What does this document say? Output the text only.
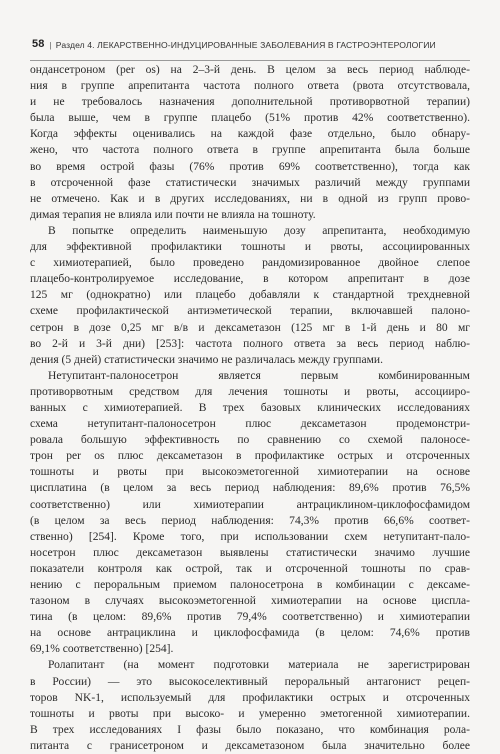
58 | Раздел 4. ЛЕКАРСТВЕННО-ИНДУЦИРОВАННЫЕ ЗАБОЛЕВАНИЯ В ГАСТРОЭНТЕРОЛОГИИ

ондансетроном (per os) на 2–3-й день. В целом за весь период наблюде-
ния в группе апрепитанта частота полного ответа (рвота отсутствовала,
и не требовалось назначения дополнительной противорвотной терапии)
была выше, чем в группе плацебо (51% против 42% соответственно).
Когда эффекты оценивались на каждой фазе отдельно, было обнару-
жено, что частота полного ответа в группе апрепитанта была больше
во время острой фазы (76% против 69% соответственно), тогда как
в отсроченной фазе статистически значимых различий между группами
не отмечено. Как и в других исследованиях, ни в одной из групп прово-
димая терапия не влияла или почти не влияла на тошноту.

В попытке определить наименьшую дозу апрепитанта, необходимую
для эффективной профилактики тошноты и рвоты, ассоциированных
с химиотерапией, было проведено рандомизированное двойное слепое
плацебо-контролируемое исследование, в котором апрепитант в дозе
125 мг (однократно) или плацебо добавляли к стандартной трехдневной
схеме профилактической антиэметической терапии, включавшей палоно-
сетрон в дозе 0,25 мг в/в и дексаметазон (125 мг в 1-й день и 80 мг
во 2-й и 3-й дни) [253]: частота полного ответа за весь период наблю-
дения (5 дней) статистически значимо не различалась между группами.

Нетупитант-палоносетрон является первым комбинированным
противорвотным средством для лечения тошноты и рвоты, ассоцииро-
ванных с химиотерапией. В трех базовых клинических исследованиях
схема нетупитант-палоносетрон плюс дексаметазон продемонстри-
ровала большую эффективность по сравнению со схемой палоносе-
трон per os плюс дексаметазон в профилактике острых и отсроченных
тошноты и рвоты при высокоэметогенной химиотерапии на основе
цисплатина (в целом за весь период наблюдения: 89,6% против 76,5%
соответственно) или химиотерапии антрациклином-циклофосфамидом
(в целом за весь период наблюдения: 74,3% против 66,6% соответ-
ственно) [254]. Кроме того, при использовании схем нетупитант-пало-
носетрон плюс дексаметазон выявлены статистически значимо лучшие
показатели контроля как острой, так и отсроченной тошноты по срав-
нению с пероральным приемом палоносетрона в комбинации с дексаме-
тазоном в случаях высокоэметогенной химиотерапии на основе циспла-
тина (в целом: 89,6% против 79,4% соответственно) и химиотерапии
на основе антрациклина и циклофосфамида (в целом: 74,6% против
69,1% соответственно) [254].

Ролапитант (на момент подготовки материала не зарегистрирован
в России) — это высокоселективный пероральный антагонист рецеп-
торов NK-1, используемый для профилактики острых и отсроченных
тошноты и рвоты при высоко- и умеренно эметогенной химиотерапии.
В трех исследованиях I фазы было показано, что комбинация рола-
питанта с гранисетроном и дексаметазоном была значительно более
